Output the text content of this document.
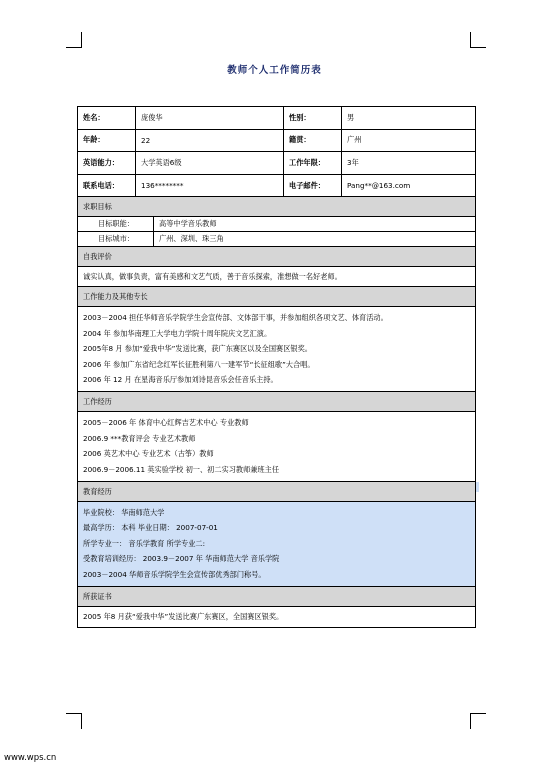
教师个人工作简历表
姓名：	庞俊华	性别：	男
年龄：	22	籍贯：	广州
英语能力：	大学英语6级	工作年限：	3年
联系电话：	136********	电子邮件：	Pang**@163.com
求职目标
目标职能：	高等中学音乐教师
目标城市：	广州、深圳、珠三角
自我评价
诚实认真，做事负责，富有美感和文艺气质，善于音乐探索，准想做一名好老师。
工作能力及其他专长
2003－2004 担任华师音乐学院学生会宣传部、文体部干事，并参加组织各项文艺、体育活动。
2004 年 参加华南理工大学电力学院十周年院庆文艺汇演。
2005年8 月 参加“爱我中华”发送比赛，获广东赛区以及全国赛区银奖。
2006 年 参加广东省纪念红军长征胜利第八一建军节“长征组歌”大合唱。
2006 年 12 月 在星海音乐厅参加刘诗昆音乐会任音乐主持。
工作经历
2005－2006 年 体育中心红辉吉艺术中心 专业教师
2006.9 ***教育评会 专业艺术教师
2006 英艺术中心 专业艺术（古筝）教师
2006.9－2006.11 英实验学校 初一、初二实习教师兼班主任
教育经历
毕业院校： 华南师范大学
最高学历： 本科 毕业日期： 2007-07-01
所学专业一： 音乐学教育 所学专业二:
受教育培训经历： 2003.9－2007 年 华南师范大学 音乐学院
2003－2004 华师音乐学院学生会宣传部优秀部门称号。
所获证书
2005 年8 月获“爱我中华”发送比赛广东赛区，全国赛区银奖。
www.wps.cn
